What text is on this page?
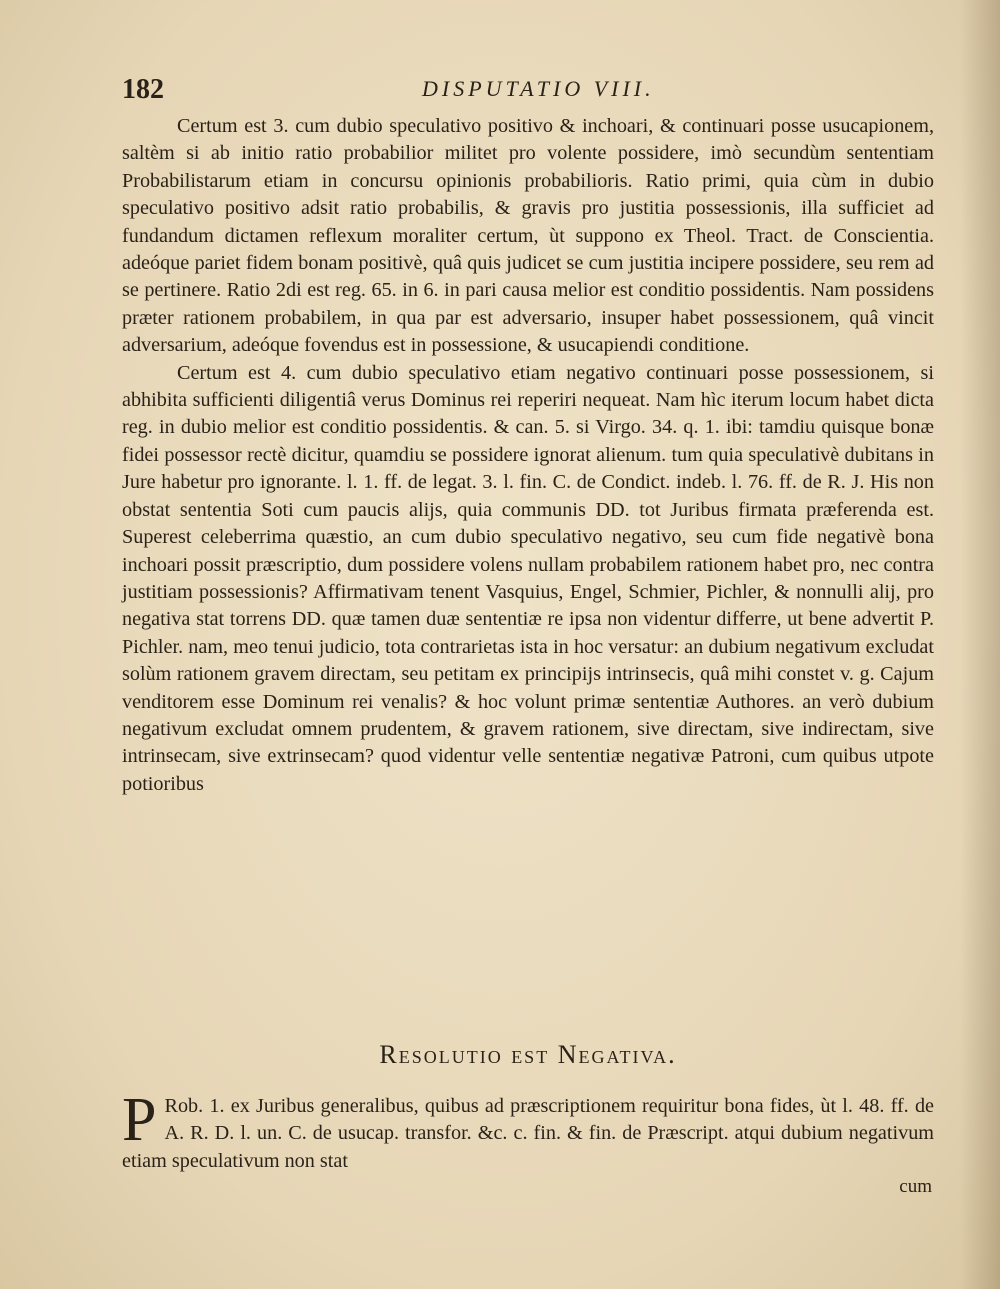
182	DISPUTATIO VIII.

Certum est 3. cum dubio speculativo positivo & inchoari, & continuari posse usucapionem, saltèm si ab initio ratio probabilior militet pro volente possidere, imò secundùm sententiam Probabilistarum etiam in concursu opinionis probabilioris. Ratio primi, quia cùm in dubio speculativo positivo adsit ratio probabilis, & gravis pro justitia possessionis, illa sufficiet ad fundandum dictamen reflexum moraliter certum, ùt suppono ex Theol. Tract. de Conscientia. adeóque pariet fidem bonam positivè, quâ quis judicet se cum justitia incipere possidere, seu rem ad se pertinere. Ratio 2di est reg. 65. in 6. in pari causa melior est conditio possidentis. Nam possidens præter rationem probabilem, in qua par est adversario, insuper habet possessionem, quâ vincit adversarium, adeóque fovendus est in possessione, & usucapiendi conditione.

Certum est 4. cum dubio speculativo etiam negativo continuari posse possessionem, si abhibita sufficienti diligentiâ verus Dominus rei reperiri nequeat. Nam hìc iterum locum habet dicta reg. in dubio melior est conditio possidentis. & can. 5. si Virgo. 34. q. 1. ibi: tamdiu quisque bonæ fidei possessor rectè dicitur, quamdiu se possidere ignorat alienum. tum quia speculativè dubitans in Jure habetur pro ignorante. l. 1. ff. de legat. 3. l. fin. C. de Condict. indeb. l. 76. ff. de R. J. His non obstat sententia Soti cum paucis alijs, quia communis DD. tot Juribus firmata præferenda est. Superest celeberrima quæstio, an cum dubio speculativo negativo, seu cum fide negativè bona inchoari possit præscriptio, dum possidere volens nullam probabilem rationem habet pro, nec contra justitiam possessionis? Affirmativam tenent Vasquius, Engel, Schmier, Pichler, & nonnulli alij, pro negativa stat torrens DD. quæ tamen duæ sententiæ re ipsa non videntur differre, ut bene advertit P. Pichler. nam, meo tenui judicio, tota contrarietas ista in hoc versatur: an dubium negativum excludat solùm rationem gravem directam, seu petitam ex principijs intrinsecis, quâ mihi constet v. g. Cajum venditorem esse Dominum rei venalis? & hoc volunt primæ sententiæ Authores. an verò dubium negativum excludat omnem prudentem, & gravem rationem, sive directam, sive indirectam, sive intrinsecam, sive extrinsecam? quod videntur velle sententiæ negativæ Patroni, cum quibus utpote potioribus

Resolutio est Negativa.
P Rob. 1. ex Juribus generalibus, quibus ad præscriptionem requiritur bona fides, ùt l. 48. ff. de A. R. D. l. un. C. de usucap. transfor. &c. c. fin. & fin. de Præscript. atqui dubium negativum etiam speculativum non stat
cum
